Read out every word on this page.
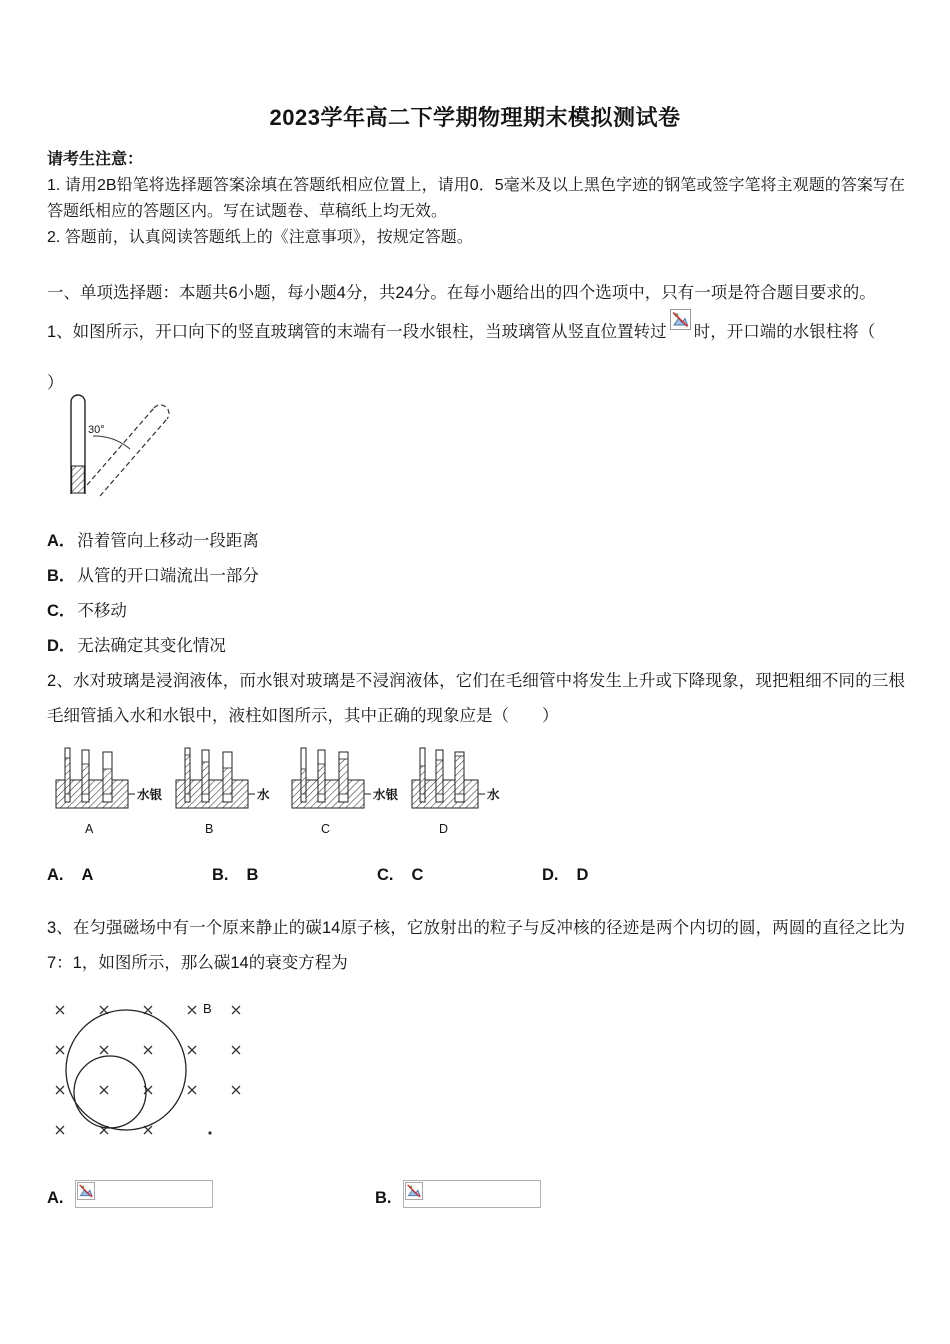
2023学年高二下学期物理期末模拟测试卷

请考生注意：

1. 请用2B铅笔将选择题答案涂填在答题纸相应位置上，请用0．5毫米及以上黑色字迹的钢笔或签字笔将主观题的答案写在答题纸相应的答题区内。写在试题卷、草稿纸上均无效。

2. 答题前，认真阅读答题纸上的《注意事项》，按规定答题。

一、单项选择题：本题共6小题，每小题4分，共24分。在每小题给出的四个选项中，只有一项是符合题目要求的。

1、如图所示，开口向下的竖直玻璃管的末端有一段水银柱，当玻璃管从竖直位置转过 时，开口端的水银柱将（

）

30°

A． 沿着管向上移动一段距离

B． 从管的开口端流出一部分

C． 不移动

D． 无法确定其变化情况

2、水对玻璃是浸润液体，而水银对玻璃是不浸润液体，它们在毛细管中将发生上升或下降现象，现把粗细不同的三根毛细管插入水和水银中，液柱如图所示，其中正确的现象应是（　　）

水银
A
水
B
水银
C
水
D
A. A	B. B	C. C	D. D

3、在匀强磁场中有一个原来静止的碳14原子核，它放射出的粒子与反冲核的径迹是两个内切的圆，两圆的直径之比为7：1，如图所示，那么碳14的衰变方程为

B
A.	B.
